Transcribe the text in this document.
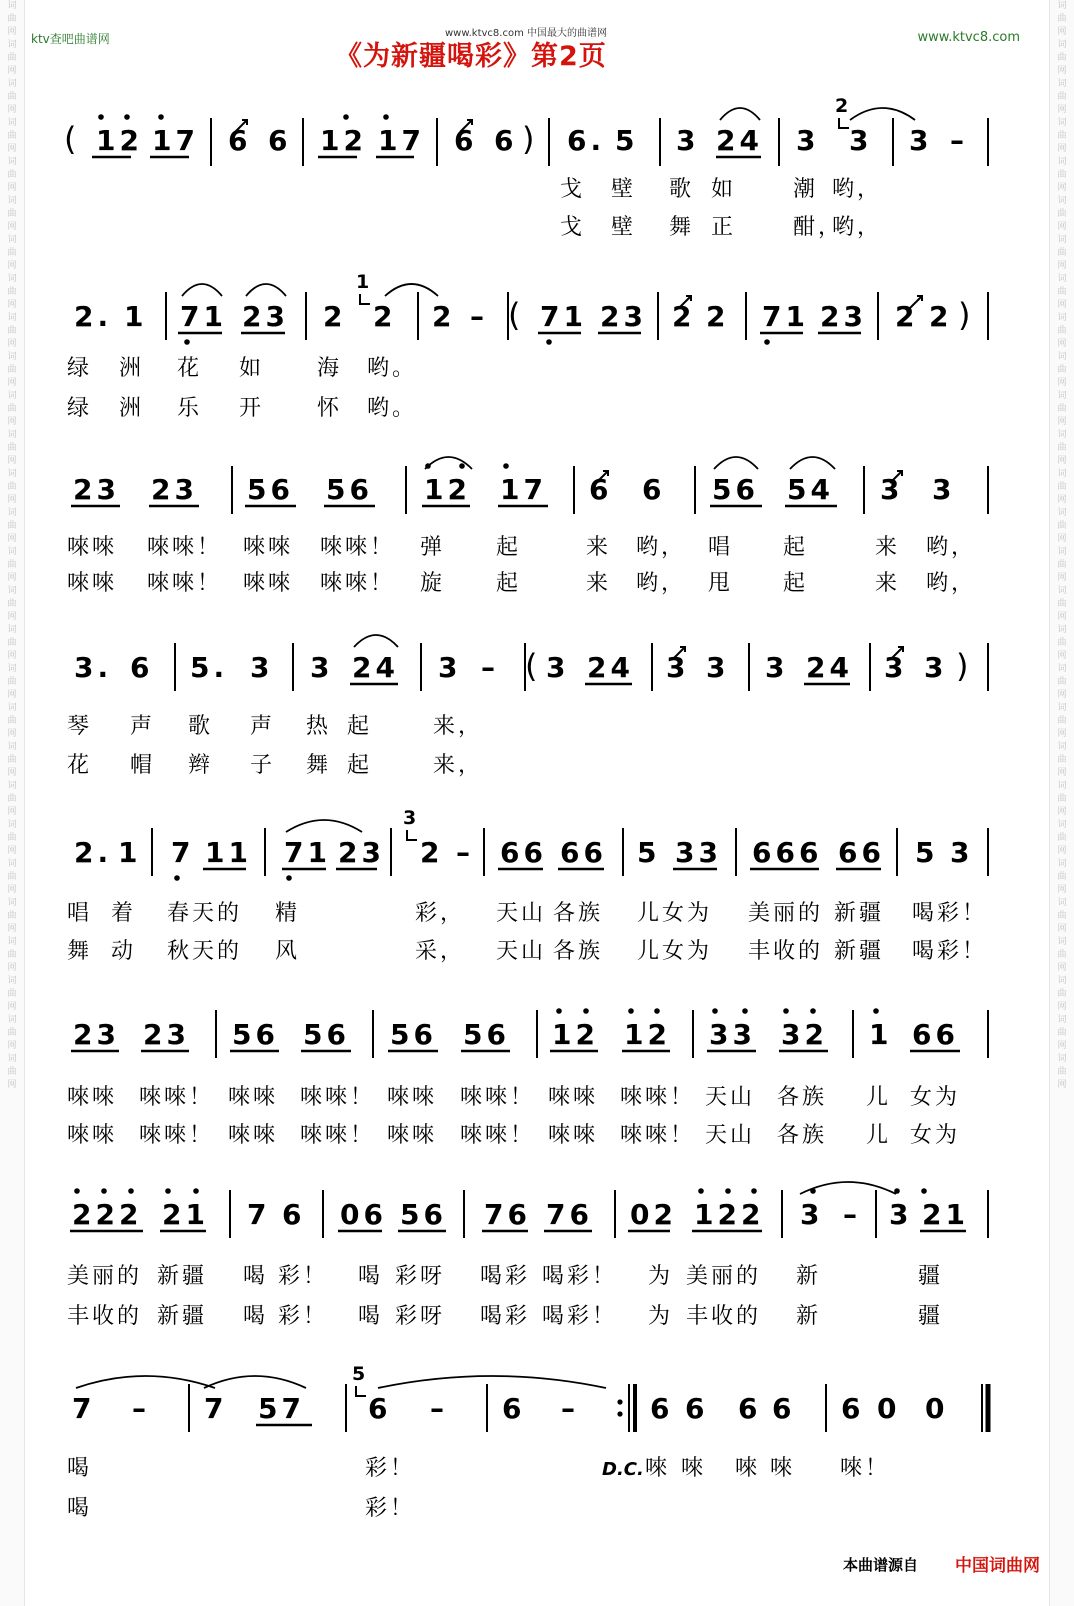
词曲网词曲网词曲网词曲网词曲网词曲网词曲网词曲网词曲网词曲网词曲网词曲网词曲网词曲网词曲网词曲网词曲网词曲网词曲网词曲网词曲网词曲网词曲网词曲网词曲网词曲网词曲网词曲网
词曲网词曲网词曲网词曲网词曲网词曲网词曲网词曲网词曲网词曲网词曲网词曲网词曲网词曲网词曲网词曲网词曲网词曲网词曲网词曲网词曲网词曲网词曲网词曲网词曲网词曲网词曲网词曲网
ktv查吧曲谱网	www.ktvc8.com 中国最大的曲谱网	www.ktvc8.com
《为新疆喝彩》第2页
( 12 17 6 6 12 17 6 6 ) 6. 5 3 24 3 3 3 –
2
戈 壁 歌 如	潮 哟，
戈 壁 舞 正	酣，
哟，
2. 1 71 23 2 2 2 – ( 71 23 2 2 71 23 2 2 )
1
绿 洲 花 如 海 哟。
绿 洲 乐 开 怀 哟。
23 23 56 56 12 17 6 6 56 54 3 3
唻唻 唻唻！ 唻唻 唻唻！ 弹 起	来 哟， 唱 起	来 哟，
唻唻 唻唻！ 唻唻 唻唻！ 旋 起	来 哟， 甩 起	来 哟，
3. 6 5. 3 3 24 3 – ( 3 24 3 3 3 24 3 3 )
琴 声 歌 声 热 起	来，
花 帽 辫 子 舞 起	来，
2. 1 7 11 71 23 2 – 66 66 5 33 666 66 5 3
3
唱 着 春天的 精	彩， 天山 各族 儿女为 美丽的 新疆 喝彩！
舞 动 秋天的 风	采， 天山 各族 儿女为 丰收的 新疆 喝彩！
23 23 56 56 56 56 12 12 33 32 1 66
唻唻 唻唻！ 唻唻 唻唻！ 唻唻 唻唻！ 唻唻 唻唻！ 天山 各族 儿 女为
唻唻 唻唻！ 唻唻 唻唻！ 唻唻 唻唻！ 唻唻 唻唻！ 天山 各族 儿 女为
222 21 7 6 06 56 76 76 02 122 3 – 3 21
美丽的 新疆 喝 彩！ 喝 彩呀 喝彩 喝彩！ 为 美丽的 新	疆
丰收的 新疆 喝 彩！ 喝 彩呀 喝彩 喝彩！ 为 丰收的 新	疆
7 – 7 57 6 – 6 –	6 6 6 6 6 0 0
5
喝	彩！	唻 唻 唻 唻 唻！
喝	彩！
D.C.
本曲谱源自 中国词曲网
